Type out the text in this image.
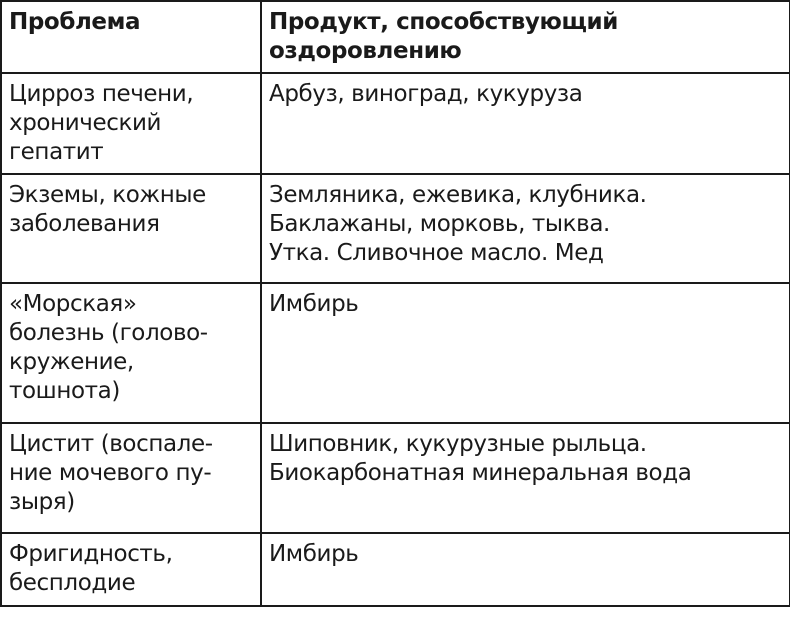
Проблема	Продукт, способствующий
оздоровлению

Цирроз печени,
хронический
гепатит	Арбуз, виноград, кукуруза

Экземы, кожные
заболевания	Земляника, ежевика, клубника.
Баклажаны, морковь, тыква.
Утка. Сливочное масло. Мед

«Морская»
болезнь (голово-
кружение,
тошнота)	Имбирь

Цистит (воспале-
ние мочевого пу-
зыря)	Шиповник, кукурузные рыльца.
Биокарбонатная минеральная вода

Фригидность,
бесплодие	Имбирь
